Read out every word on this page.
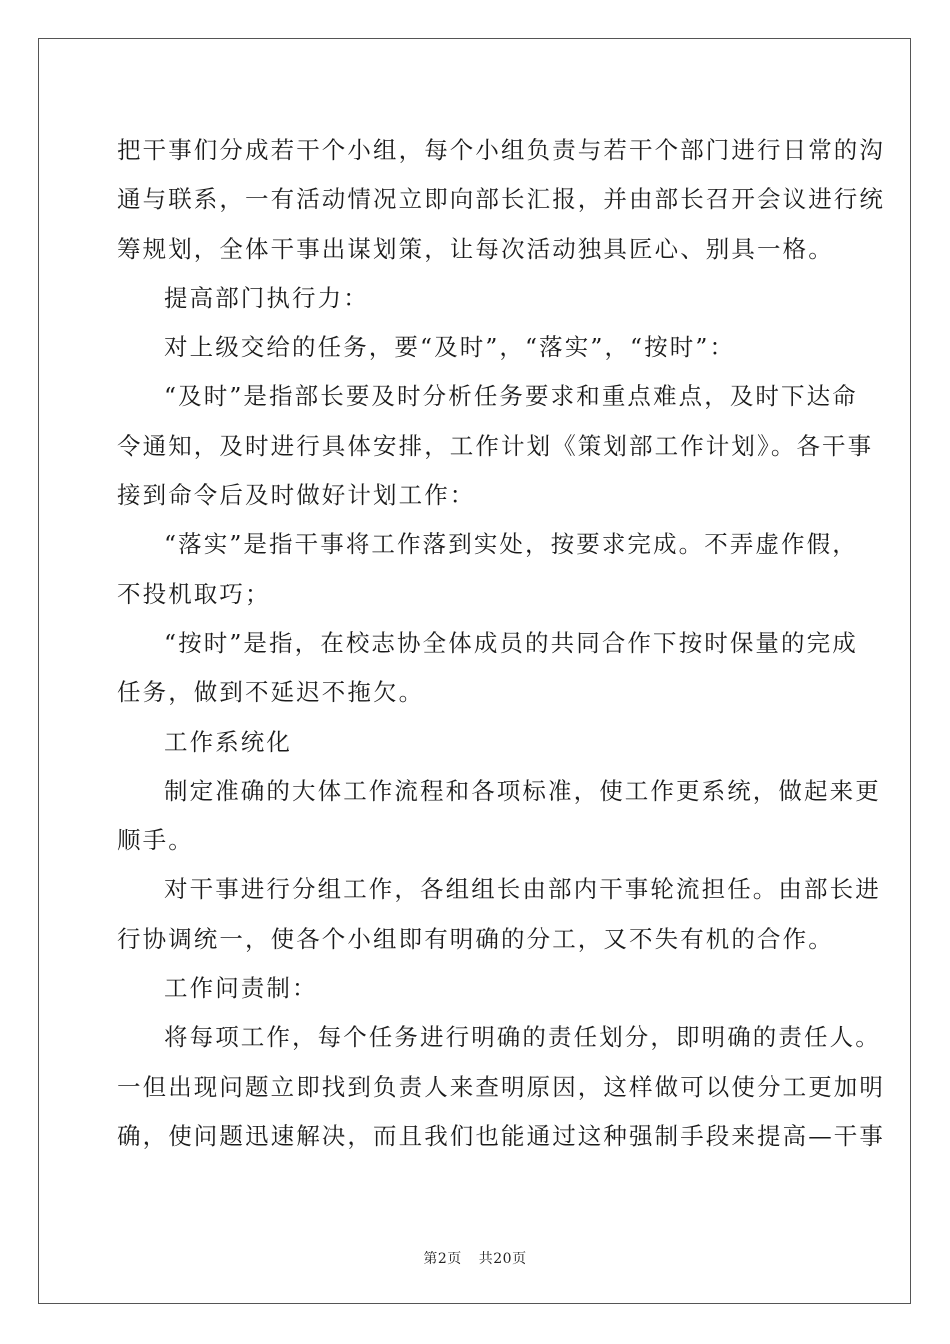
把干事们分成若干个小组，每个小组负责与若干个部门进行日常的沟
通与联系，一有活动情况立即向部长汇报，并由部长召开会议进行统
筹规划，全体干事出谋划策，让每次活动独具匠心、别具一格。
提高部门执行力：
对上级交给的任务，要“及时”，“落实”，“按时”：
“及时”是指部长要及时分析任务要求和重点难点，及时下达命
令通知，及时进行具体安排，工作计划《策划部工作计划》。各干事
接到命令后及时做好计划工作：
“落实”是指干事将工作落到实处，按要求完成。不弄虚作假，
不投机取巧；
“按时”是指，在校志协全体成员的共同合作下按时保量的完成
任务，做到不延迟不拖欠。
工作系统化
制定准确的大体工作流程和各项标准，使工作更系统，做起来更
顺手。
对干事进行分组工作，各组组长由部内干事轮流担任。由部长进
行协调统一，使各个小组即有明确的分工，又不失有机的合作。
工作问责制：
将每项工作，每个任务进行明确的责任划分，即明确的责任人。
一但出现问题立即找到负责人来查明原因，这样做可以使分工更加明
确，使问题迅速解决，而且我们也能通过这种强制手段来提高—干事
第2页 共20页
